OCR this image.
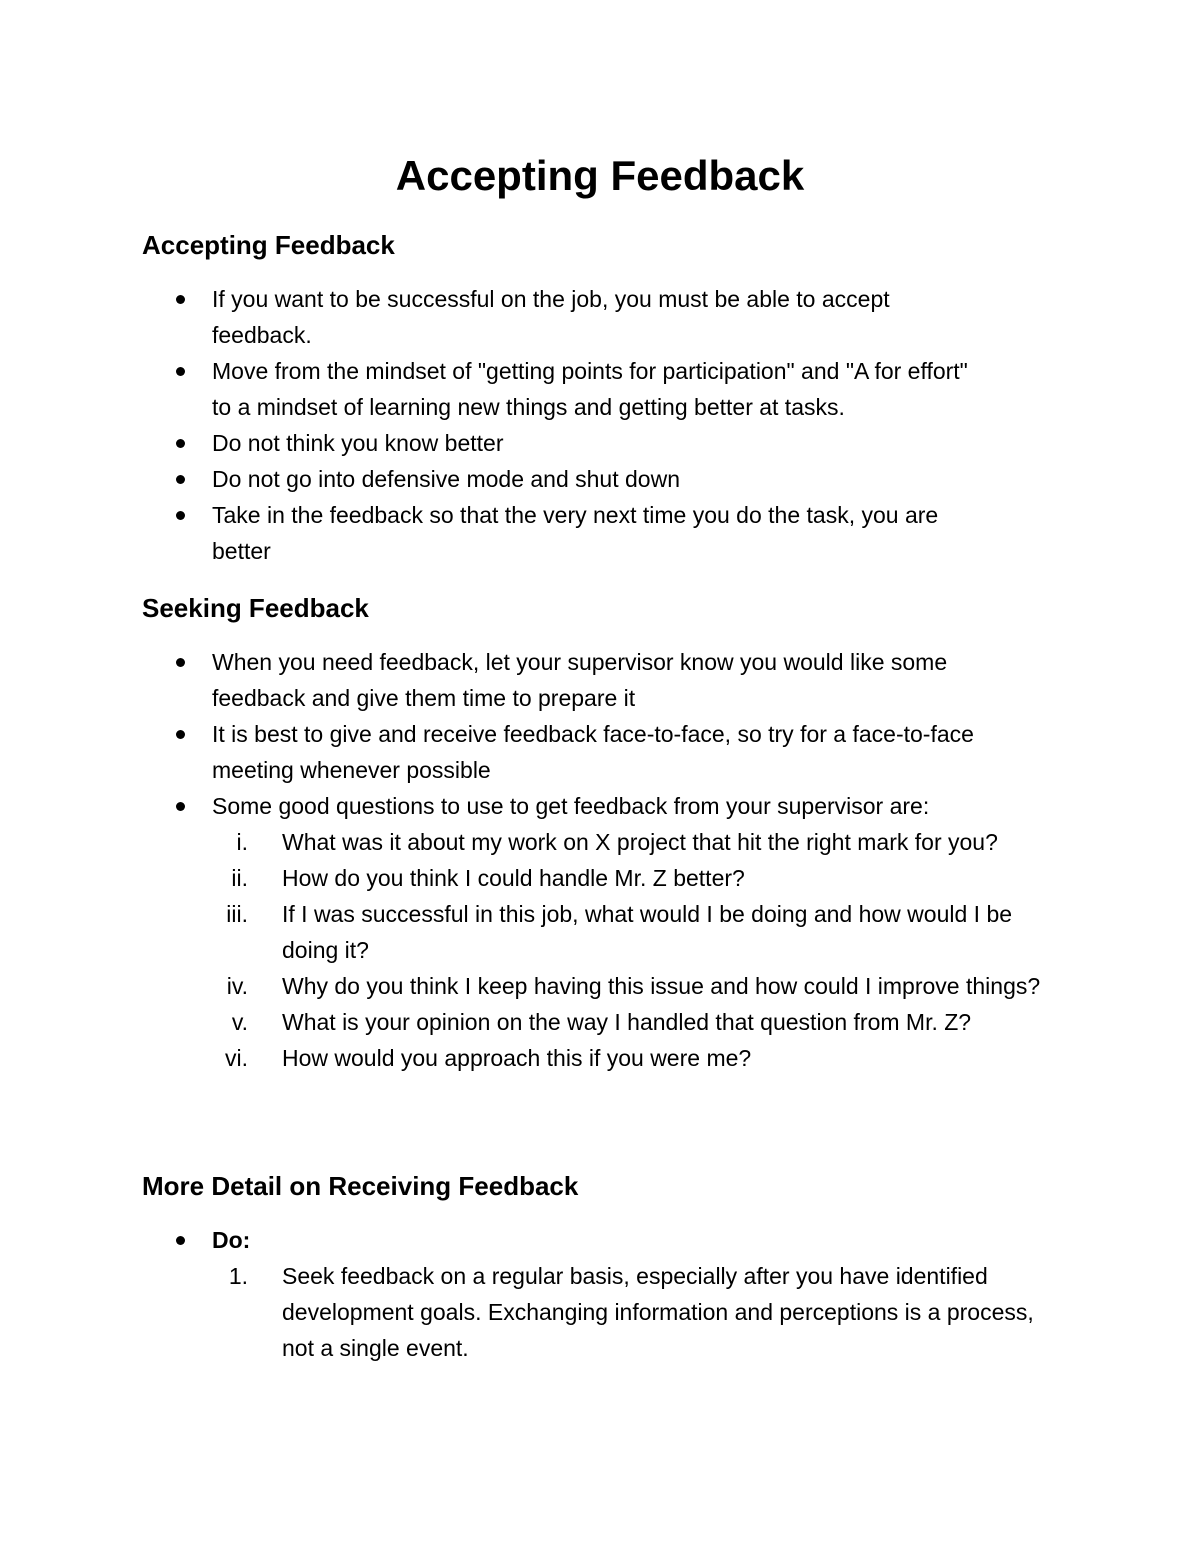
Accepting Feedback
Accepting Feedback
If you want to be successful on the job, you must be able to accept feedback.
Move from the mindset of "getting points for participation" and "A for effort" to a mindset of learning new things and getting better at tasks.
Do not think you know better
Do not go into defensive mode and shut down
Take in the feedback so that the very next time you do the task, you are better
Seeking Feedback
When you need feedback, let your supervisor know you would like some feedback and give them time to prepare it
It is best to give and receive feedback face-to-face, so try for a face-to-face meeting whenever possible
Some good questions to use to get feedback from your supervisor are:
i. What was it about my work on X project that hit the right mark for you?
ii. How do you think I could handle Mr. Z better?
iii. If I was successful in this job, what would I be doing and how would I be doing it?
iv. Why do you think I keep having this issue and how could I improve things?
v. What is your opinion on the way I handled that question from Mr. Z?
vi. How would you approach this if you were me?
More Detail on Receiving Feedback
Do:
1. Seek feedback on a regular basis, especially after you have identified development goals. Exchanging information and perceptions is a process, not a single event.
